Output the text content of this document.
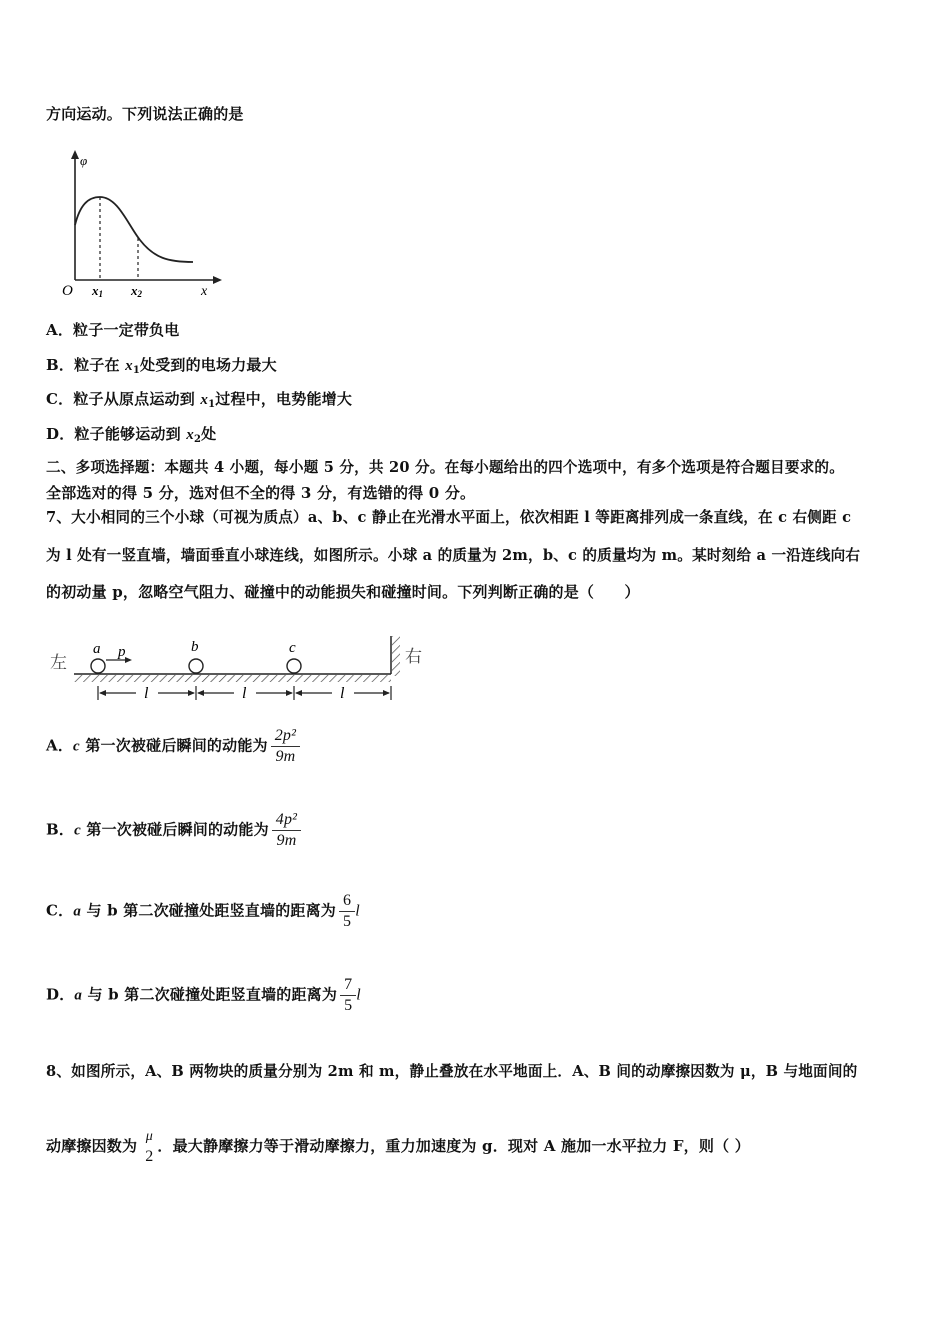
方向运动。下列说法正确的是
φ
O	x
x1 x2
A．粒子一定带负电
B．粒子在 $x_1$处受到的电场力最大
C．粒子从原点运动到 $x_1$过程中，电势能增大
D．粒子能够运动到 $x_2$处
二、多项选择题：本题共 4 小题，每小题 5 分，共 20 分。在每小题给出的四个选项中，有多个选项是符合题目要求的。
全部选对的得 5 分，选对但不全的得 3 分，有选错的得 0 分。
7、大小相同的三个小球（可视为质点）a、b、c 静止在光滑水平面上，依次相距 l 等距离排列成一条直线，在 c 右侧距 c
为 l 处有一竖直墙，墙面垂直小球连线，如图所示。小球 a 的质量为 2m，b、c 的质量均为 m。某时刻给 a 一沿连线向右
的初动量 p，忽略空气阻力、碰撞中的动能损失和碰撞时间。下列判断正确的是（　　）
左	右
a p	b	c
l	l	l
A．c 第一次被碰后瞬间的动能为 $\frac{\text{2p²}}{9m}$
B．c 第一次被碰后瞬间的动能为 $\frac{\text{4p²}}{9m}$
C．a 与 b 第二次碰撞处距竖直墙的距离为 $\frac{6}{5}$ l
D．a 与 b 第二次碰撞处距竖直墙的距离为 $\frac{7}{5}$ l
8、如图所示，A、B 两物块的质量分别为 2m 和 m，静止叠放在水平地面上．A、B 间的动摩擦因数为 μ，B 与地面间的
动摩擦因数为
μ
2
．最大静摩擦力等于滑动摩擦力，重力加速度为 g．现对 A 施加一水平拉力 F，则（ ）
